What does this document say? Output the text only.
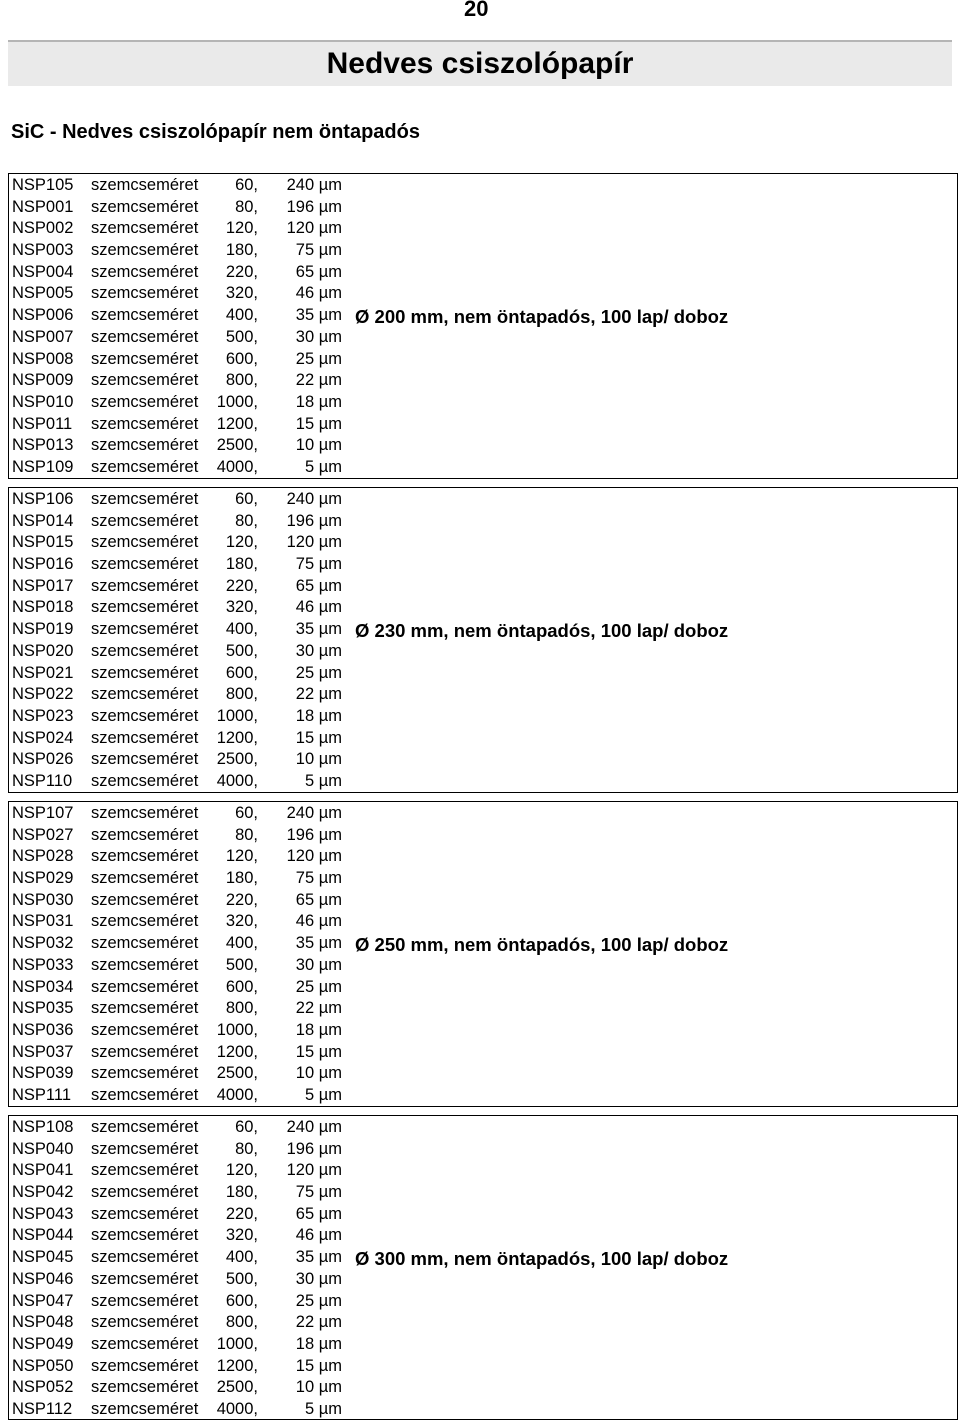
20
Nedves csiszolópapír
SiC - Nedves csiszolópapír nem öntapadós
NSP105 szemcseméret	60,	240 µm
NSP001 szemcseméret	80,	196 µm
NSP002 szemcseméret	120,	120 µm
NSP003 szemcseméret	180,	75 µm
NSP004 szemcseméret	220,	65 µm
NSP005 szemcseméret	320,	46 µm
NSP006 szemcseméret	400,	35 µm
NSP007 szemcseméret	500,	30 µm
NSP008 szemcseméret	600,	25 µm
NSP009 szemcseméret	800,	22 µm
NSP010 szemcseméret	1000,	18 µm
NSP011 szemcseméret	1200,	15 µm
NSP013 szemcseméret	2500,	10 µm
NSP109 szemcseméret	4000,	5 µm
Ø 200 mm, nem öntapadós, 100 lap/ doboz
NSP106 szemcseméret	60,	240 µm
NSP014 szemcseméret	80,	196 µm
NSP015 szemcseméret	120,	120 µm
NSP016 szemcseméret	180,	75 µm
NSP017 szemcseméret	220,	65 µm
NSP018 szemcseméret	320,	46 µm
NSP019 szemcseméret	400,	35 µm
NSP020 szemcseméret	500,	30 µm
NSP021 szemcseméret	600,	25 µm
NSP022 szemcseméret	800,	22 µm
NSP023 szemcseméret	1000,	18 µm
NSP024 szemcseméret	1200,	15 µm
NSP026 szemcseméret	2500,	10 µm
NSP110 szemcseméret	4000,	5 µm
Ø 230 mm, nem öntapadós, 100 lap/ doboz
NSP107 szemcseméret	60,	240 µm
NSP027 szemcseméret	80,	196 µm
NSP028 szemcseméret	120,	120 µm
NSP029 szemcseméret	180,	75 µm
NSP030 szemcseméret	220,	65 µm
NSP031 szemcseméret	320,	46 µm
NSP032 szemcseméret	400,	35 µm
NSP033 szemcseméret	500,	30 µm
NSP034 szemcseméret	600,	25 µm
NSP035 szemcseméret	800,	22 µm
NSP036 szemcseméret	1000,	18 µm
NSP037 szemcseméret	1200,	15 µm
NSP039 szemcseméret	2500,	10 µm
NSP111 szemcseméret	4000,	5 µm
Ø 250 mm, nem öntapadós, 100 lap/ doboz
NSP108 szemcseméret	60,	240 µm
NSP040 szemcseméret	80,	196 µm
NSP041 szemcseméret	120,	120 µm
NSP042 szemcseméret	180,	75 µm
NSP043 szemcseméret	220,	65 µm
NSP044 szemcseméret	320,	46 µm
NSP045 szemcseméret	400,	35 µm
NSP046 szemcseméret	500,	30 µm
NSP047 szemcseméret	600,	25 µm
NSP048 szemcseméret	800,	22 µm
NSP049 szemcseméret	1000,	18 µm
NSP050 szemcseméret	1200,	15 µm
NSP052 szemcseméret	2500,	10 µm
NSP112 szemcseméret	4000,	5 µm
Ø 300 mm, nem öntapadós, 100 lap/ doboz
